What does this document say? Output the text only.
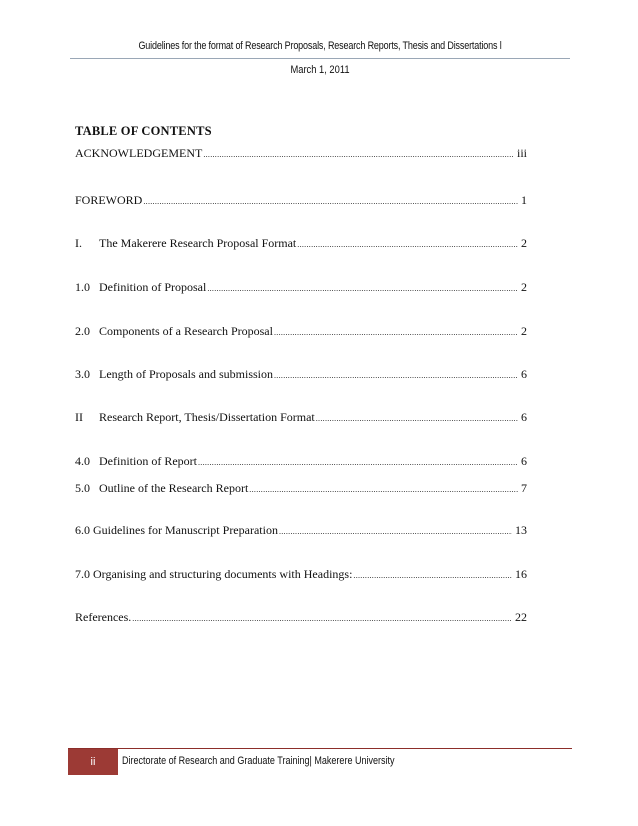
Guidelines for the format of Research Proposals, Research Reports, Thesis and Dissertations l
March 1, 2011
TABLE OF CONTENTS
ACKNOWLEDGEMENT .....	iii
FOREWORD .....	1
I. The Makerere Research Proposal Format .....	2
1.0 Definition of Proposal .....	2
2.0 Components of a Research Proposal .....	2
3.0 Length of Proposals and submission .....	6
II Research Report, Thesis/Dissertation Format .....	6
4.0 Definition of Report .....	6
5.0 Outline of the Research Report .....	7
6.0 Guidelines for Manuscript Preparation .....	13
7.0 Organising and structuring documents with Headings: .....	16
References. .....	22
ii	Directorate of Research and Graduate Training| Makerere University
